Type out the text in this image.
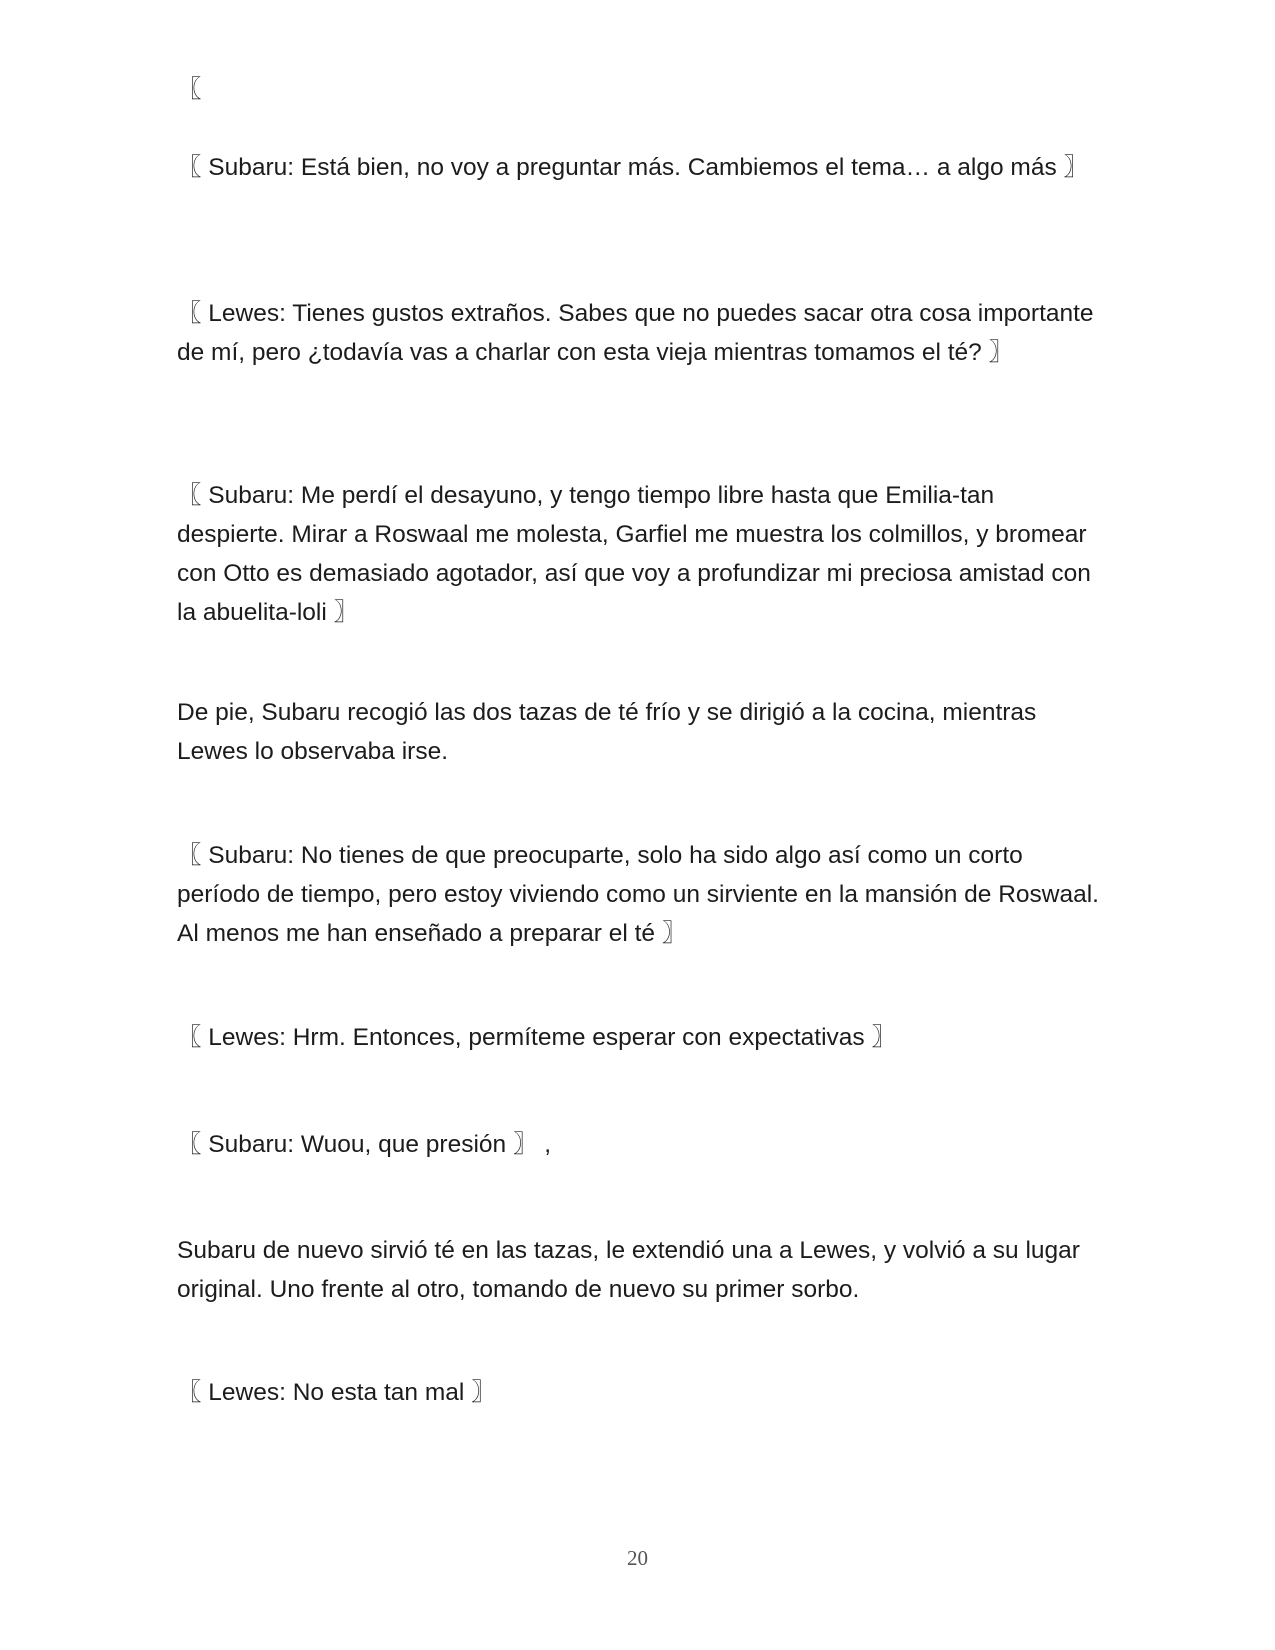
〖

〖 Subaru: Está bien, no voy a preguntar más. Cambiemos el tema… a algo más 〗

〖 Lewes: Tienes gustos extraños. Sabes que no puedes sacar otra cosa importante de mí, pero ¿todavía vas a charlar con esta vieja mientras tomamos el té? 〗

〖 Subaru: Me perdí el desayuno, y tengo tiempo libre hasta que Emilia-tan despierte. Mirar a Roswaal me molesta, Garfiel me muestra los colmillos, y bromear con Otto es demasiado agotador, así que voy a profundizar mi preciosa amistad con la abuelita-loli 〗

De pie, Subaru recogió las dos tazas de té frío y se dirigió a la cocina, mientras Lewes lo observaba irse.

〖 Subaru: No tienes de que preocuparte, solo ha sido algo así como un corto período de tiempo, pero estoy viviendo como un sirviente en la mansión de Roswaal. Al menos me han enseñado a preparar el té 〗

〖 Lewes: Hrm. Entonces, permíteme esperar con expectativas 〗

〖 Subaru: Wuou, que presión 〗 ,

Subaru de nuevo sirvió té en las tazas, le extendió una a Lewes, y volvió a su lugar original. Uno frente al otro, tomando de nuevo su primer sorbo.

〖 Lewes: No esta tan mal 〗

20
